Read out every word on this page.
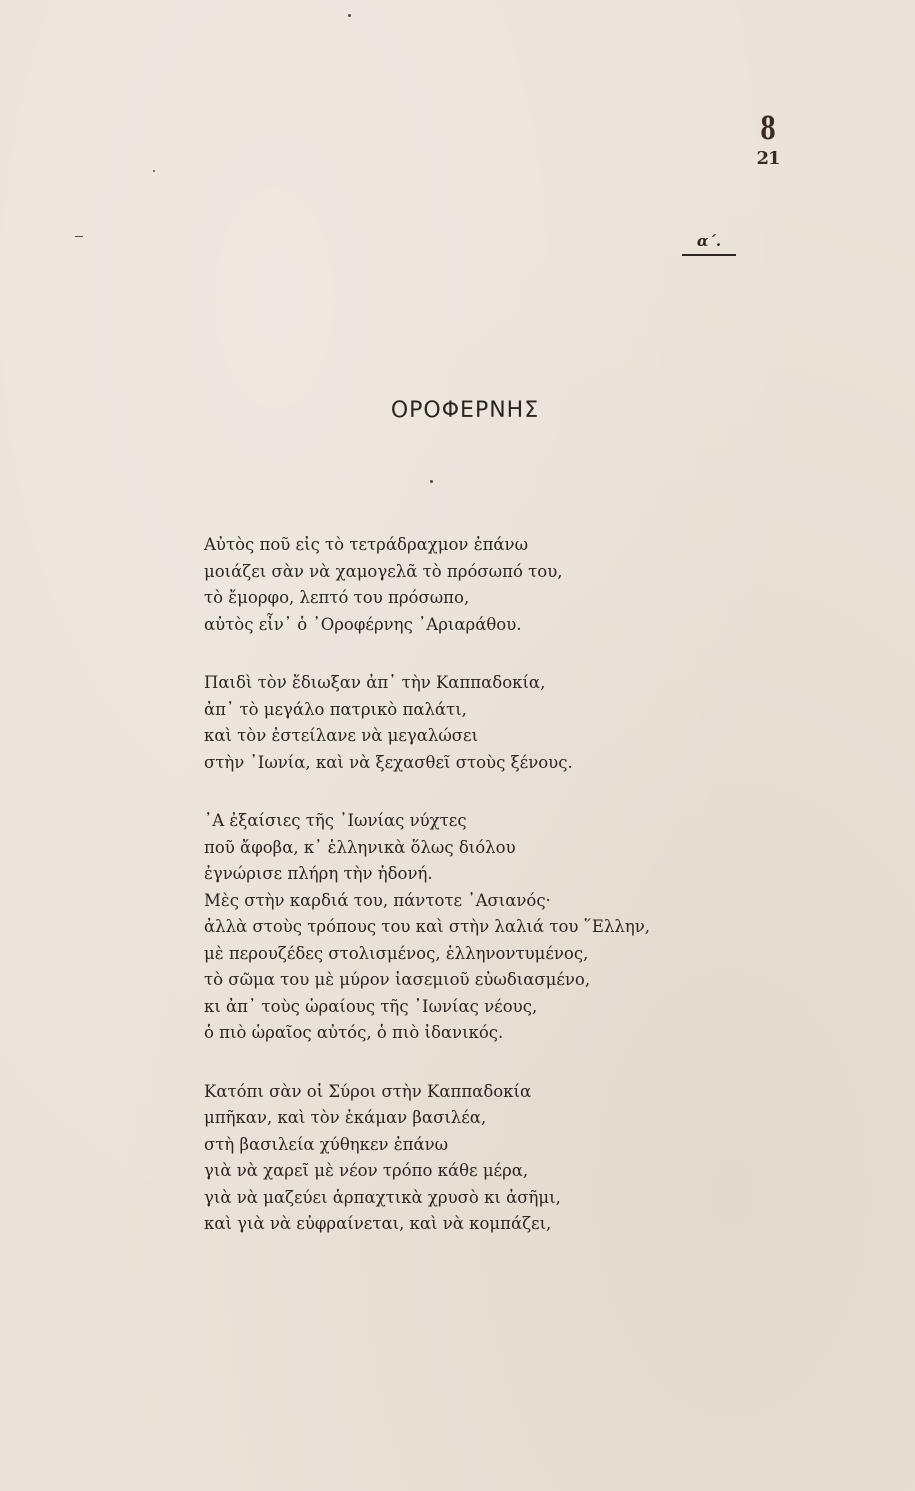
8
21
α΄.
ΟΡΟΦΕΡΝΗΣ
Αὐτὸς ποῦ εἰς τὸ τετράδραχμον ἐπάνω
μοιάζει σὰν νὰ χαμογελᾶ τὸ πρόσωπό του,
τὸ ἔμορφο, λεπτό του πρόσωπο,
αὐτὸς εἶν᾽ ὁ ᾽Οροφέρνης ᾽Αριαράθου.
Παιδὶ τὸν ἔδιωξαν ἀπ᾽ τὴν Καππαδοκία,
ἀπ᾽ τὸ μεγάλο πατρικὸ παλάτι,
καὶ τὸν ἐστείλανε νὰ μεγαλώσει
στὴν ᾽Ιωνία, καὶ νὰ ξεχασθεῖ στοὺς ξένους.
᾽Α ἐξαίσιες τῆς ᾽Ιωνίας νύχτες
ποῦ ἄφοβα, κ᾽ ἑλληνικὰ ὅλως διόλου
ἐγνώρισε πλήρη τὴν ἡδονή.
Μὲς στὴν καρδιά του, πάντοτε ᾽Ασιανός·
ἀλλὰ στοὺς τρόπους του καὶ στὴν λαλιά του ῞Ελλην,
μὲ περουζέδες στολισμένος, ἑλληνοντυμένος,
τὸ σῶμα του μὲ μύρον ἰασεμιοῦ εὐωδιασμένο,
κι ἀπ᾽ τοὺς ὡραίους τῆς ᾽Ιωνίας νέους,
ὁ πιὸ ὡραῖος αὐτός, ὁ πιὸ ἰδανικός.
Κατόπι σὰν οἱ Σύροι στὴν Καππαδοκία
μπῆκαν, καὶ τὸν ἐκάμαν βασιλέα,
στὴ βασιλεία χύθηκεν ἐπάνω
γιὰ νὰ χαρεῖ μὲ νέον τρόπο κάθε μέρα,
γιὰ νὰ μαζεύει ἁρπαχτικὰ χρυσὸ κι ἀσῆμι,
καὶ γιὰ νὰ εὐφραίνεται, καὶ νὰ κομπάζει,
